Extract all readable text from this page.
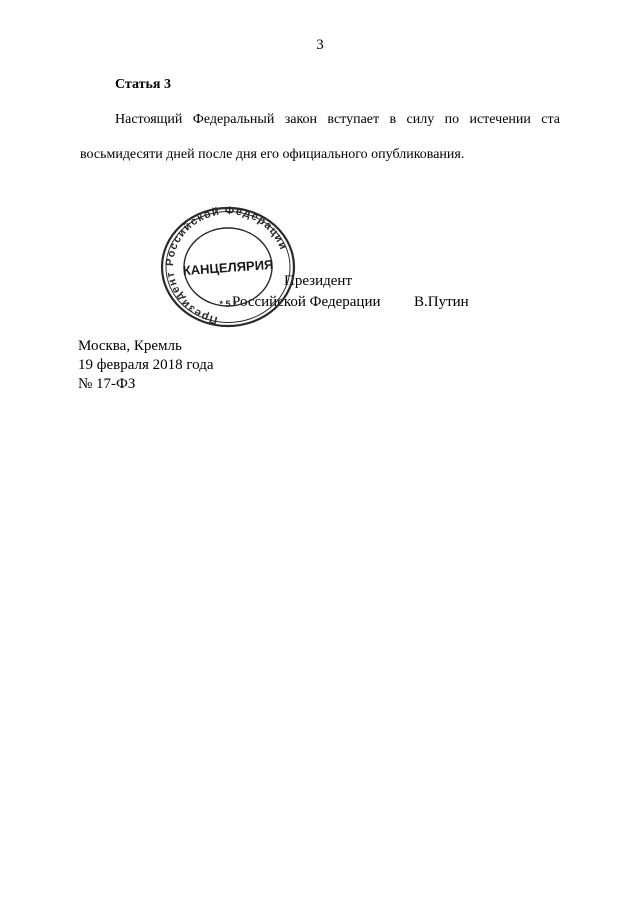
3
Статья 3
Настоящий Федеральный закон вступает в силу по истечении ста
восьмидесяти дней после дня его официального опубликования.
Президент
Российской Федерации В.Путин
Президент Российской Федерации
* 5 *
КАНЦЕЛЯРИЯ
Москва, Кремль
19 февраля 2018 года
№ 17-ФЗ
